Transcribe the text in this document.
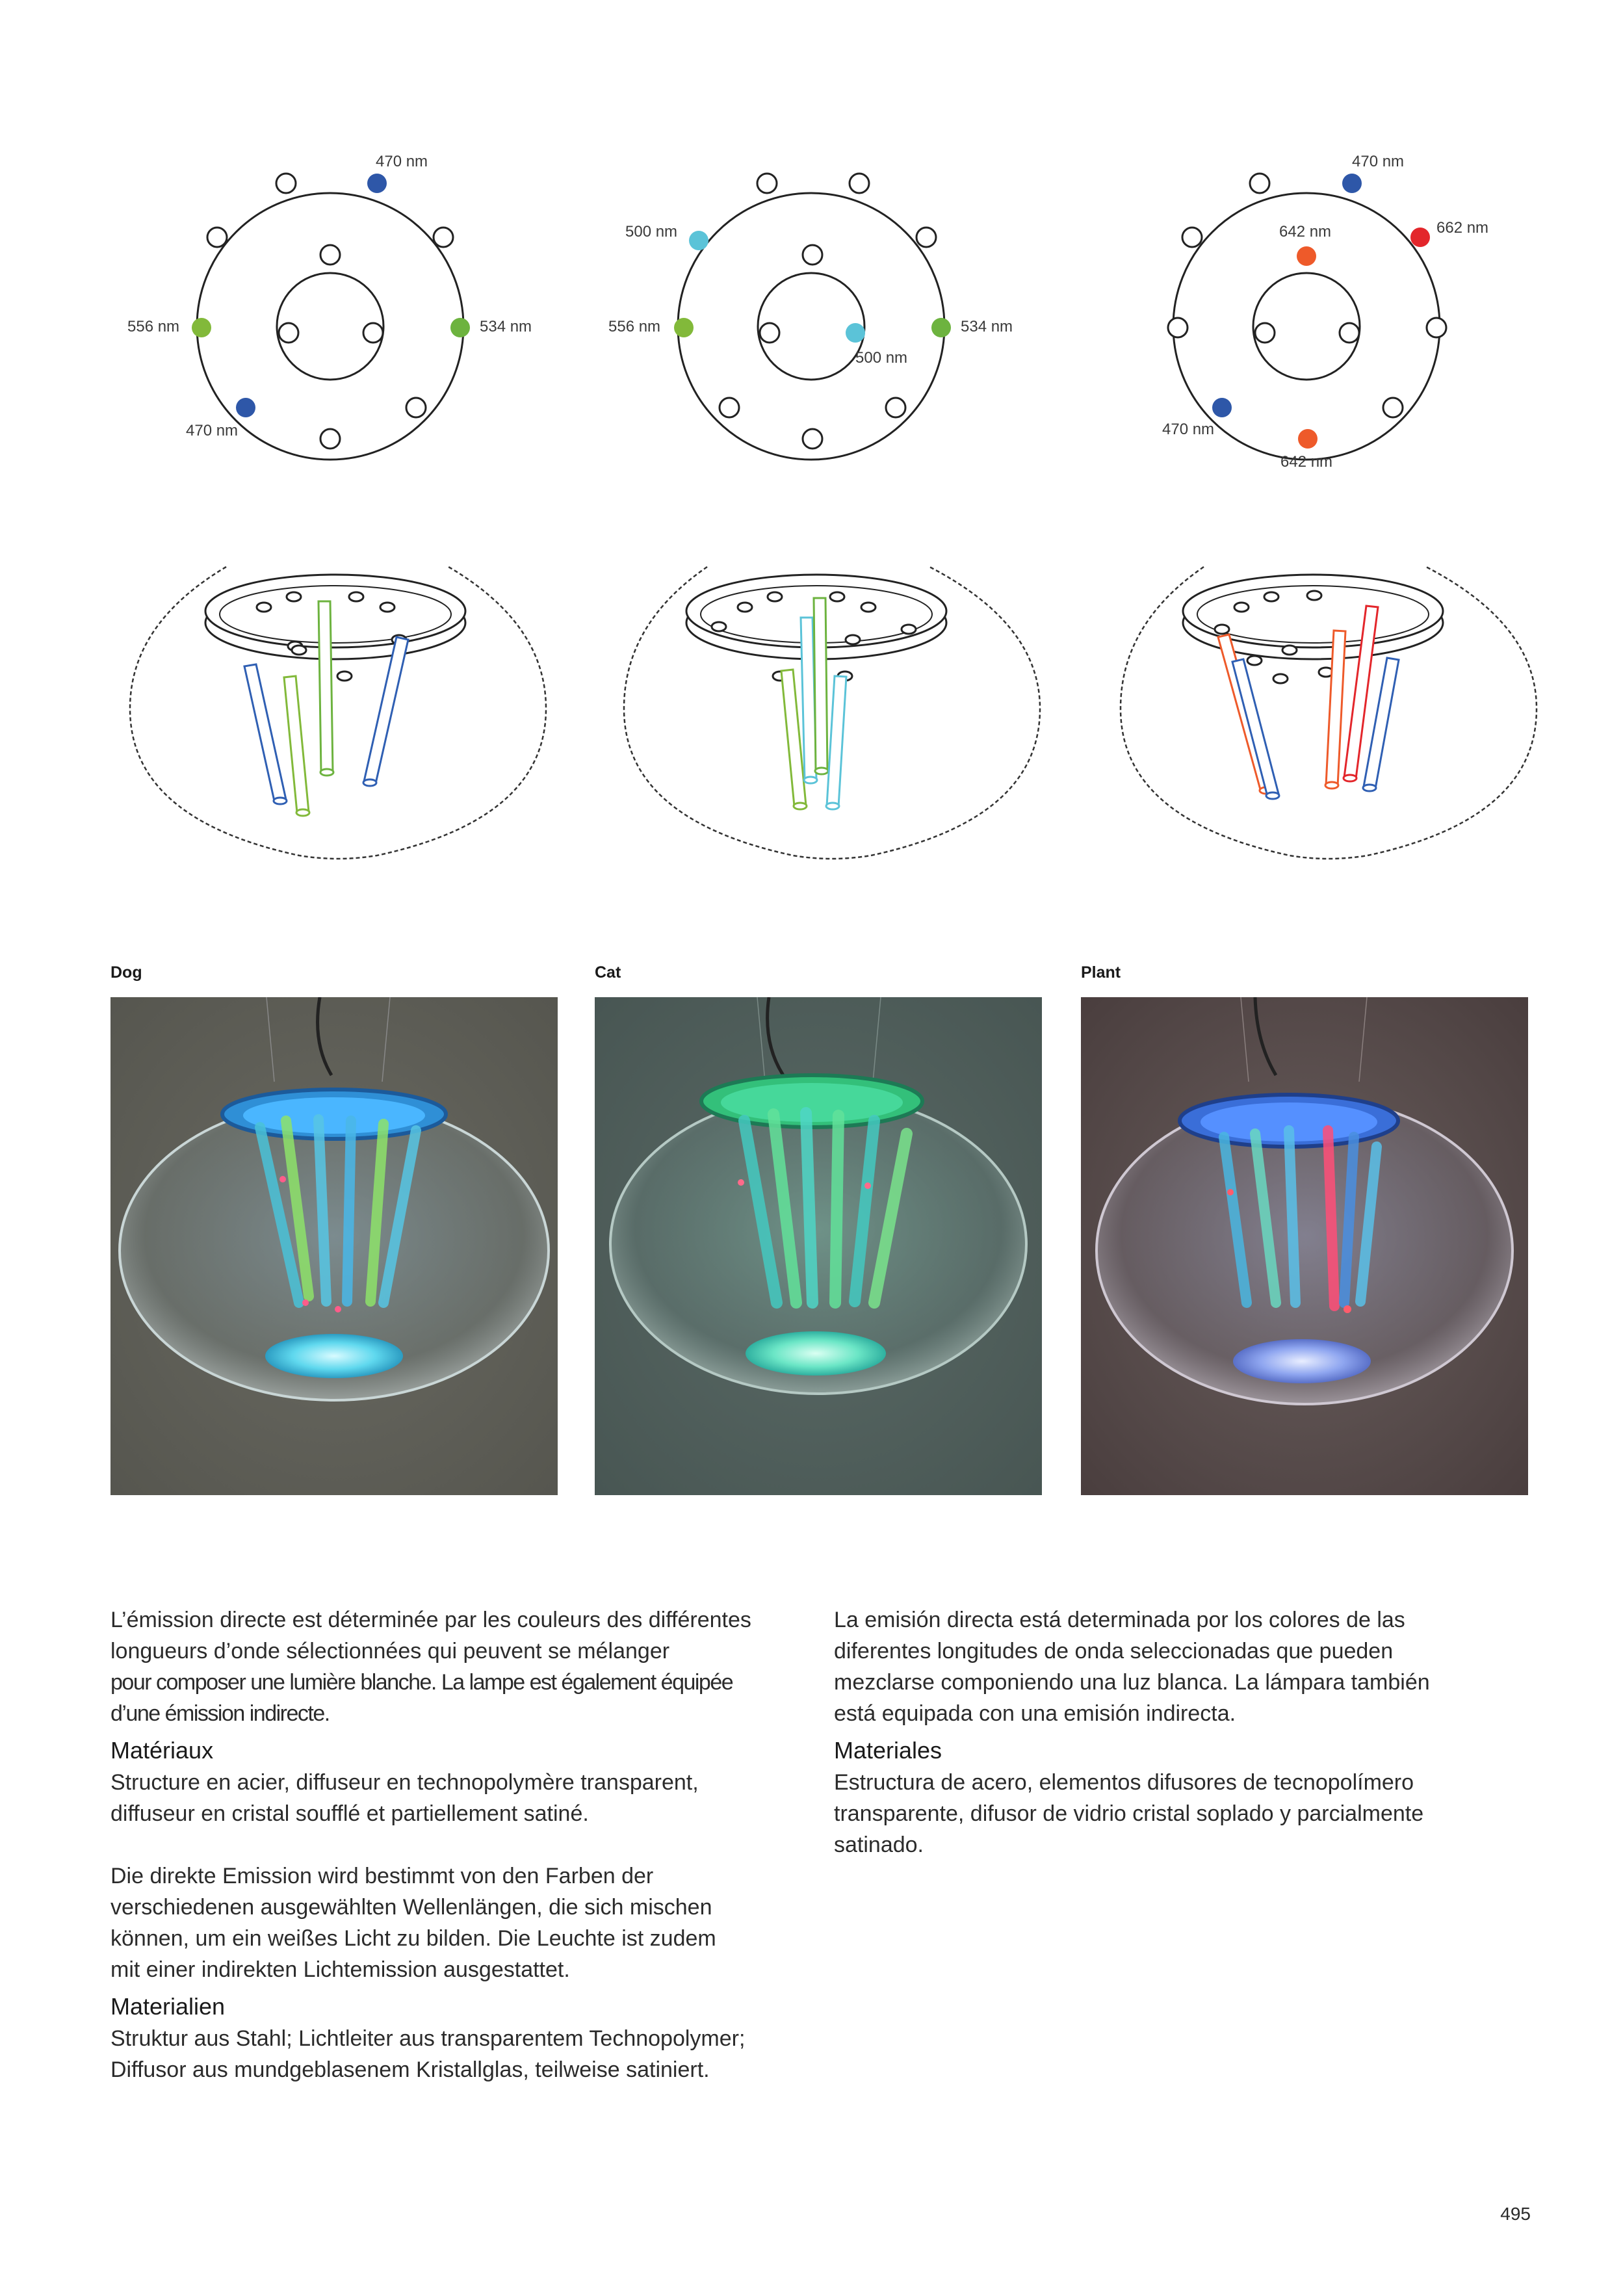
470 nm
556 nm	534 nm
470 nm
500 nm
556 nm	534 nm
500 nm
470 nm
642 nm	662 nm
470 nm
642 nm
Dog	Cat	Plant

L’émission directe est déterminée par les couleurs des différentes

longueurs d’onde sélectionnées qui peuvent se mélanger

pour composer une lumière blanche. La lampe est également équipée

d’une émission indirecte.

Matériaux

Structure en acier, diffuseur en technopolymère transparent,

diffuseur en cristal soufflé et partiellement satiné.

Die direkte Emission wird bestimmt von den Farben der

verschiedenen ausgewählten Wellenlängen, die sich mischen

können, um ein weißes Licht zu bilden. Die Leuchte ist zudem

mit einer indirekten Lichtemission ausgestattet.

Materialien

Struktur aus Stahl; Lichtleiter aus transparentem Technopolymer;

Diffusor aus mundgeblasenem Kristallglas, teilweise satiniert.

La emisión directa está determinada por los colores de las

diferentes longitudes de onda seleccionadas que pueden

mezclarse componiendo una luz blanca. La lámpara también

está equipada con una emisión indirecta.

Materiales

Estructura de acero, elementos difusores de tecnopolímero

transparente, difusor de vidrio cristal soplado y parcialmente

satinado.

495
